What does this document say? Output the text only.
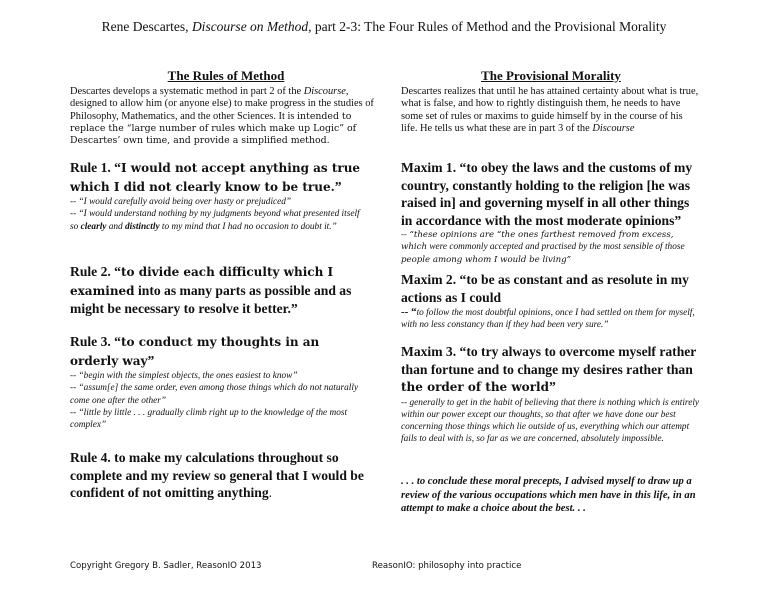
Rene Descartes, Discourse on Method, part 2-3: The Four Rules of Method and the Provisional Morality

The Rules of Method

Descartes develops a systematic method in part 2 of the Discourse, designed to allow him (or anyone else) to make progress in the studies of Philosophy, Mathematics, and the other Sciences. It is intended to replace the “large number of rules which make up Logic” of Descartes’ own time, and provide a simplified method.

Rule 1. “I would not accept anything as true which I did not clearly know to be true.”

-- “I would carefully avoid being over hasty or prejudiced”

-- “I would understand nothing by my judgments beyond what presented itself so clearly and distinctly to my mind that I had no occasion to doubt it.”

Rule 2. “to divide each difficulty which I examined into as many parts as possible and as might be necessary to resolve it better.”

Rule 3. “to conduct my thoughts in an orderly way”

-- “begin with the simplest objects, the ones easiest to know”

-- “assum[e] the same order, even among those things which do not naturally come one after the other”

-- “little by little . . . gradually climb right up to the knowledge of the most complex”

Rule 4. to make my calculations throughout so complete and my review so general that I would be confident of not omitting anything.

The Provisional Morality

Descartes realizes that until he has attained certainty about what is true, what is false, and how to rightly distinguish them, he needs to have some set of rules or maxims to guide himself by in the course of his life. He tells us what these are in part 3 of the Discourse

Maxim 1. “to obey the laws and the customs of my country, constantly holding to the religion [he was raised in] and governing myself in all other things in accordance with the most moderate opinions”

-- “these opinions are “the ones farthest removed from excess, which were commonly accepted and practised by the most sensible of those people among whom I would be living”

Maxim 2. “to be as constant and as resolute in my actions as I could

-- “to follow the most doubtful opinions, once I had settled on them for myself, with no less constancy than if they had been very sure.”

Maxim 3. “to try always to overcome myself rather than fortune and to change my desires rather than the order of the world”

-- generally to get in the habit of believing that there is nothing which is entirely within our power except our thoughts, so that after we have done our best concerning those things which lie outside of us, everything which our attempt fails to deal with is, so far as we are concerned, absolutely impossible.

. . . to conclude these moral precepts, I advised myself to draw up a review of the various occupations which men have in this life, in an attempt to make a choice about the best. . .

Copyright Gregory B. Sadler, ReasonIO 2013	ReasonIO: philosophy into practice
